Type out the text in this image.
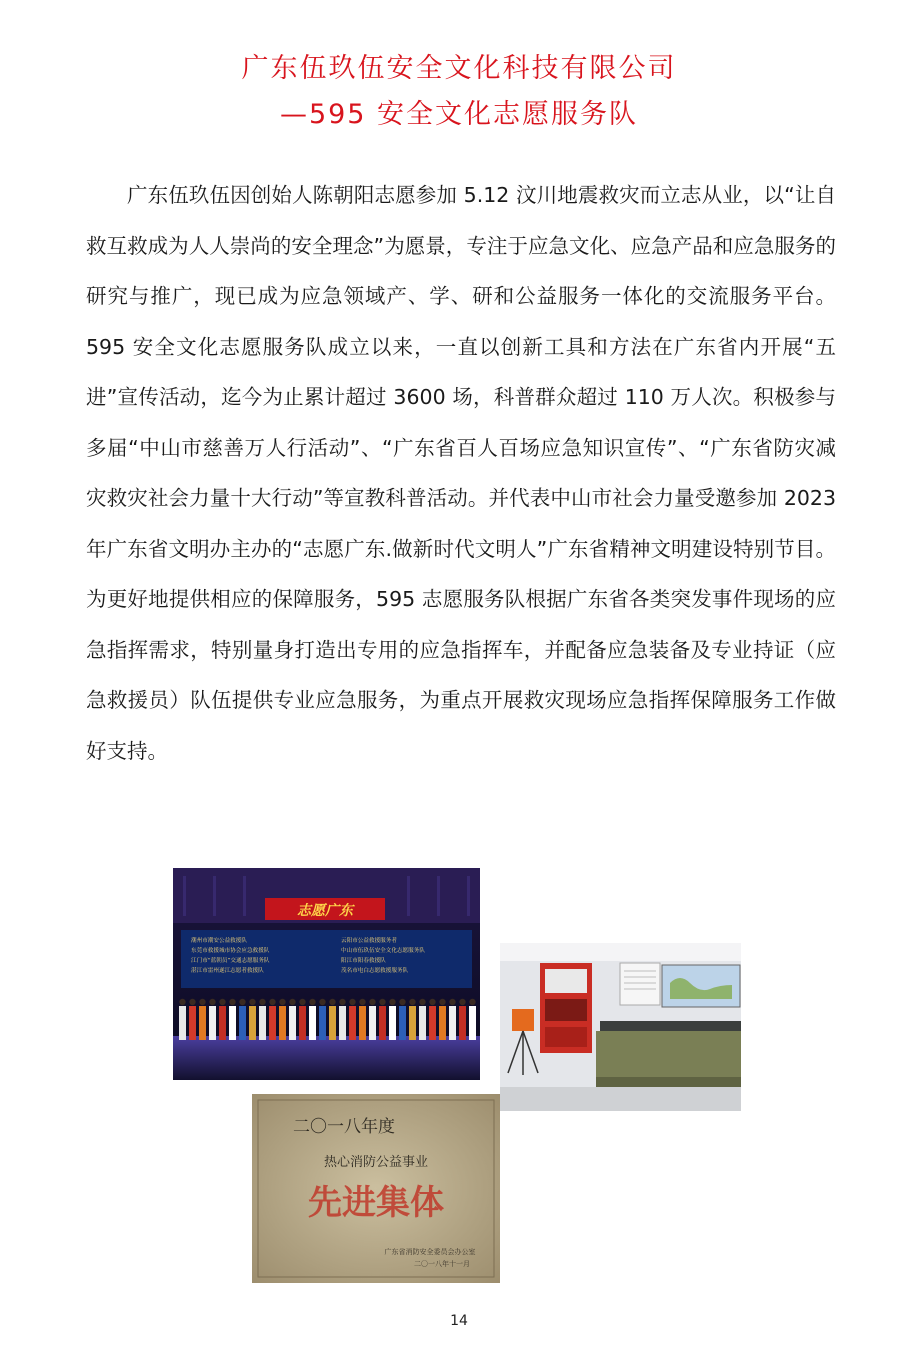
广东伍玖伍安全文化科技有限公司
—595 安全文化志愿服务队

广东伍玖伍因创始人陈朝阳志愿参加 5.12 汶川地震救灾而立志从业，以“让自救互救成为人人崇尚的安全理念”为愿景，专注于应急文化、应急产品和应急服务的研究与推广，现已成为应急领域产、学、研和公益服务一体化的交流服务平台。595 安全文化志愿服务队成立以来，一直以创新工具和方法在广东省内开展“五进”宣传活动，迄今为止累计超过 3600 场，科普群众超过 110 万人次。积极参与多届“中山市慈善万人行活动”、“广东省百人百场应急知识宣传”、“广东省防灾减灾救灾社会力量十大行动”等宣教科普活动。并代表中山市社会力量受邀参加 2023 年广东省文明办主办的“志愿广东.做新时代文明人”广东省精神文明建设特别节目。为更好地提供相应的保障服务，595 志愿服务队根据广东省各类突发事件现场的应急指挥需求，特别量身打造出专用的应急指挥车，并配备应急装备及专业持证（应急救援员）队伍提供专业应急服务，为重点开展救灾现场应急指挥保障服务工作做好支持。

志愿广东
潮州市潮安公益救援队
东莞市救援城市协会应急救援队
江门市“蓝朝员”交通志愿服务队
湛江市雷州遂江志愿者救援队
云阳市公益救援服务者
中山市伍玖伍安全文化志愿服务队
阳江市阳春救援队
茂名市电白志愿救援服务队
二〇一八年度
热心消防公益事业
先进集体
广东省消防安全委员会办公室
二〇一八年十一月
14
